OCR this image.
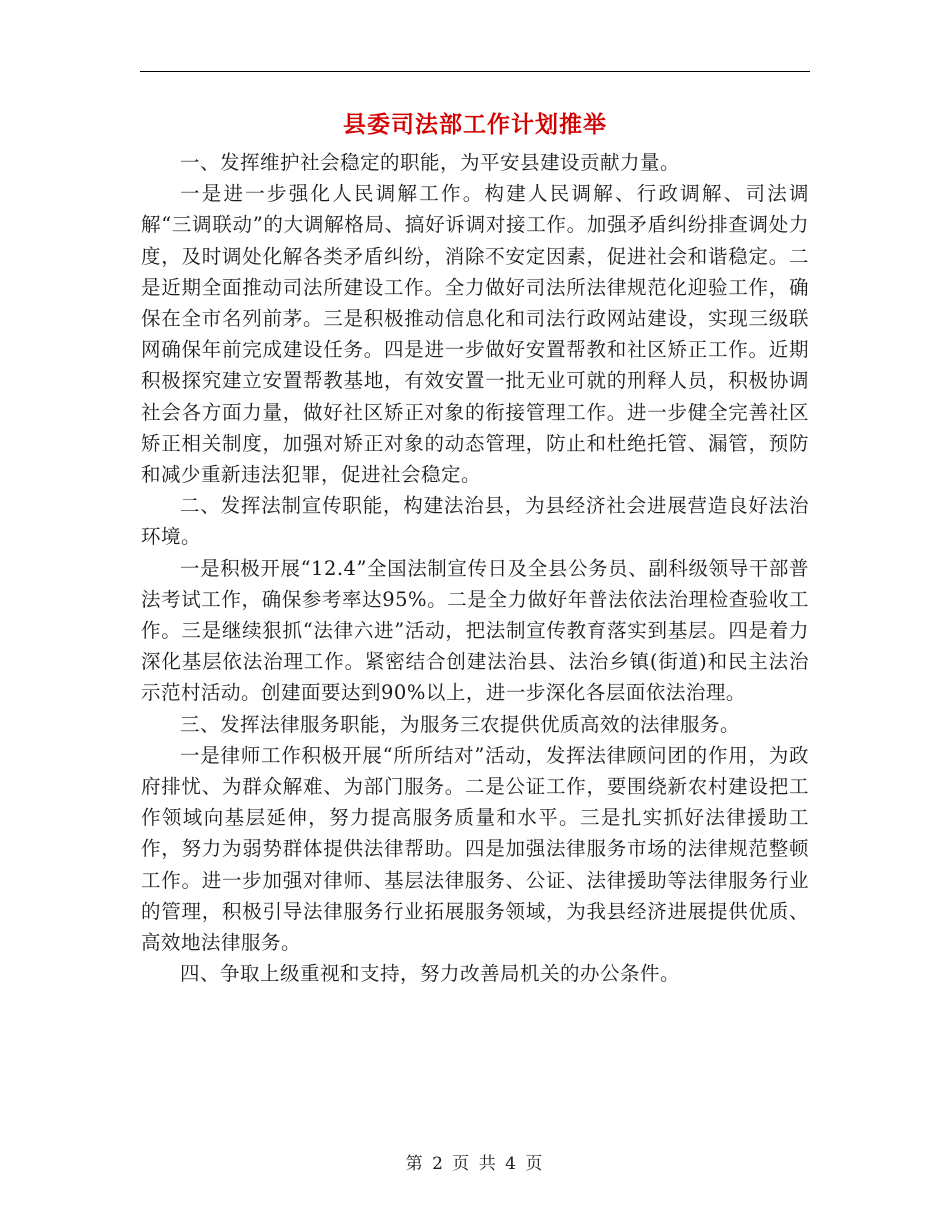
县委司法部工作计划推举

一、发挥维护社会稳定的职能，为平安县建设贡献力量。

一是进一步强化人民调解工作。构建人民调解、行政调解、司法调解“三调联动”的大调解格局、搞好诉调对接工作。加强矛盾纠纷排查调处力度，及时调处化解各类矛盾纠纷，消除不安定因素，促进社会和谐稳定。二是近期全面推动司法所建设工作。全力做好司法所法律规范化迎验工作，确保在全市名列前茅。三是积极推动信息化和司法行政网站建设，实现三级联网确保年前完成建设任务。四是进一步做好安置帮教和社区矫正工作。近期积极探究建立安置帮教基地，有效安置一批无业可就的刑释人员，积极协调社会各方面力量，做好社区矫正对象的衔接管理工作。进一步健全完善社区矫正相关制度，加强对矫正对象的动态管理，防止和杜绝托管、漏管，预防和减少重新违法犯罪，促进社会稳定。

二、发挥法制宣传职能，构建法治县，为县经济社会进展营造良好法治环境。

一是积极开展“12.4”全国法制宣传日及全县公务员、副科级领导干部普法考试工作，确保参考率达95%。二是全力做好年普法依法治理检查验收工作。三是继续狠抓“法律六进”活动，把法制宣传教育落实到基层。四是着力深化基层依法治理工作。紧密结合创建法治县、法治乡镇(街道)和民主法治示范村活动。创建面要达到90%以上，进一步深化各层面依法治理。

三、发挥法律服务职能，为服务三农提供优质高效的法律服务。

一是律师工作积极开展“所所结对”活动，发挥法律顾问团的作用，为政府排忧、为群众解难、为部门服务。二是公证工作，要围绕新农村建设把工作领域向基层延伸，努力提高服务质量和水平。三是扎实抓好法律援助工作，努力为弱势群体提供法律帮助。四是加强法律服务市场的法律规范整顿工作。进一步加强对律师、基层法律服务、公证、法律援助等法律服务行业的管理，积极引导法律服务行业拓展服务领域，为我县经济进展提供优质、高效地法律服务。

四、争取上级重视和支持，努力改善局机关的办公条件。

第 2 页 共 4 页
